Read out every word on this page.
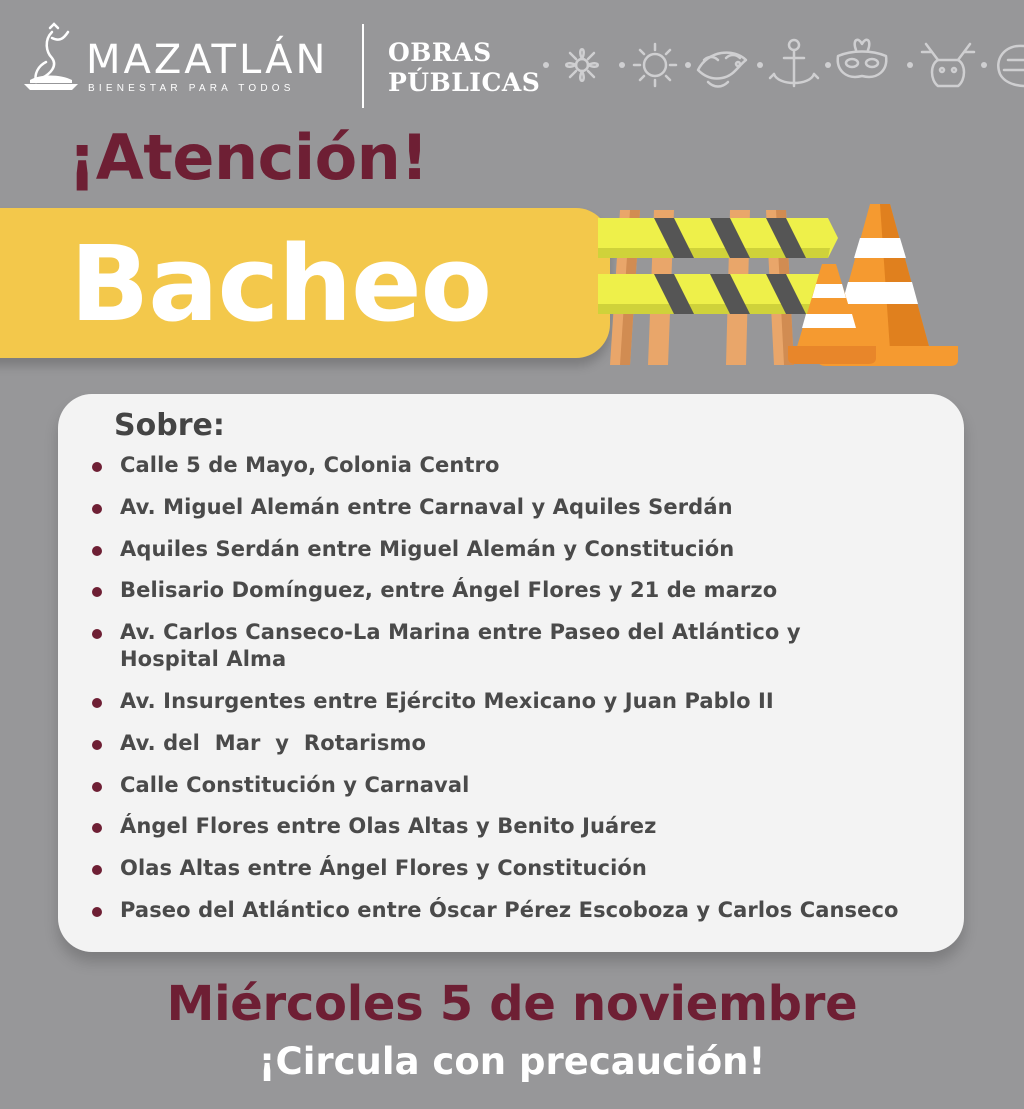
MAZATLÁN
BIENESTAR PARA TODOS
OBRAS
PÚBLICAS
¡Atención!
Bacheo
Sobre:
Calle 5 de Mayo, Colonia Centro
Av. Miguel Alemán entre Carnaval y Aquiles Serdán
Aquiles Serdán entre Miguel Alemán y Constitución
Belisario Domínguez, entre Ángel Flores y 21 de marzo
Av. Carlos Canseco-La Marina entre Paseo del Atlántico y Hospital Alma
Av. Insurgentes entre Ejército Mexicano y Juan Pablo II
Av. del  Mar  y  Rotarismo
Calle Constitución y Carnaval
Ángel Flores entre Olas Altas y Benito Juárez
Olas Altas entre Ángel Flores y Constitución
Paseo del Atlántico entre Óscar Pérez Escoboza y Carlos Canseco
Miércoles 5 de noviembre
¡Circula con precaución!
